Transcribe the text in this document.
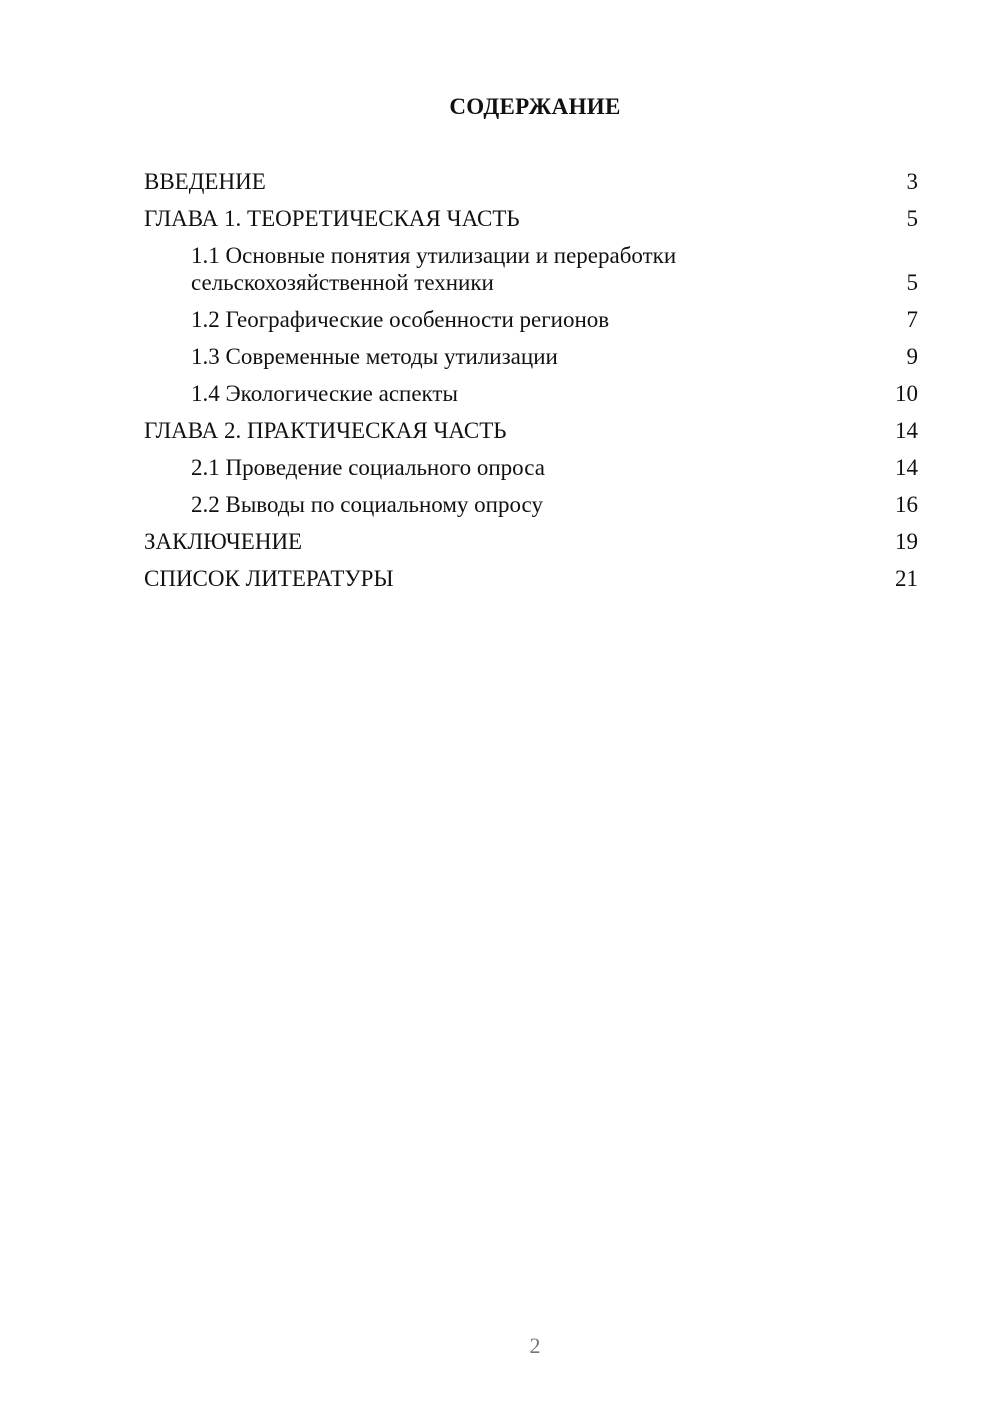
СОДЕРЖАНИЕ
ВВЕДЕНИЕ	3
ГЛАВА 1. ТЕОРЕТИЧЕСКАЯ ЧАСТЬ	5
1.1 Основные понятия утилизации и переработки сельскохозяйственной техники	5
1.2 Географические особенности регионов	7
1.3 Современные методы утилизации	9
1.4 Экологические аспекты	10
ГЛАВА 2. ПРАКТИЧЕСКАЯ ЧАСТЬ	14
2.1 Проведение социального опроса	14
2.2 Выводы по социальному опросу	16
ЗАКЛЮЧЕНИЕ	19
СПИСОК ЛИТЕРАТУРЫ	21
2
